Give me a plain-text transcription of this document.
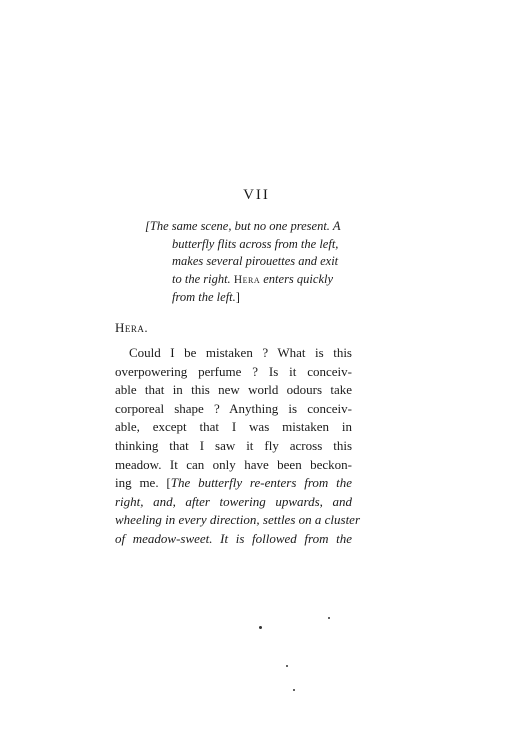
VII
[The same scene, but no one present. A
butterfly flits across from the left,
makes several pirouettes and exit
to the right. Hera enters quickly
from the left.]
Hera.
Could I be mistaken ? What is this
overpowering perfume ? Is it conceiv-
able that in this new world odours take
corporeal shape ? Anything is conceiv-
able, except that I was mistaken in
thinking that I saw it fly across this
meadow. It can only have been beckon-
ing me. [The butterfly re-enters from the
right, and, after towering upwards, and
wheeling in every direction, settles on a cluster
of meadow-sweet. It is followed from the
